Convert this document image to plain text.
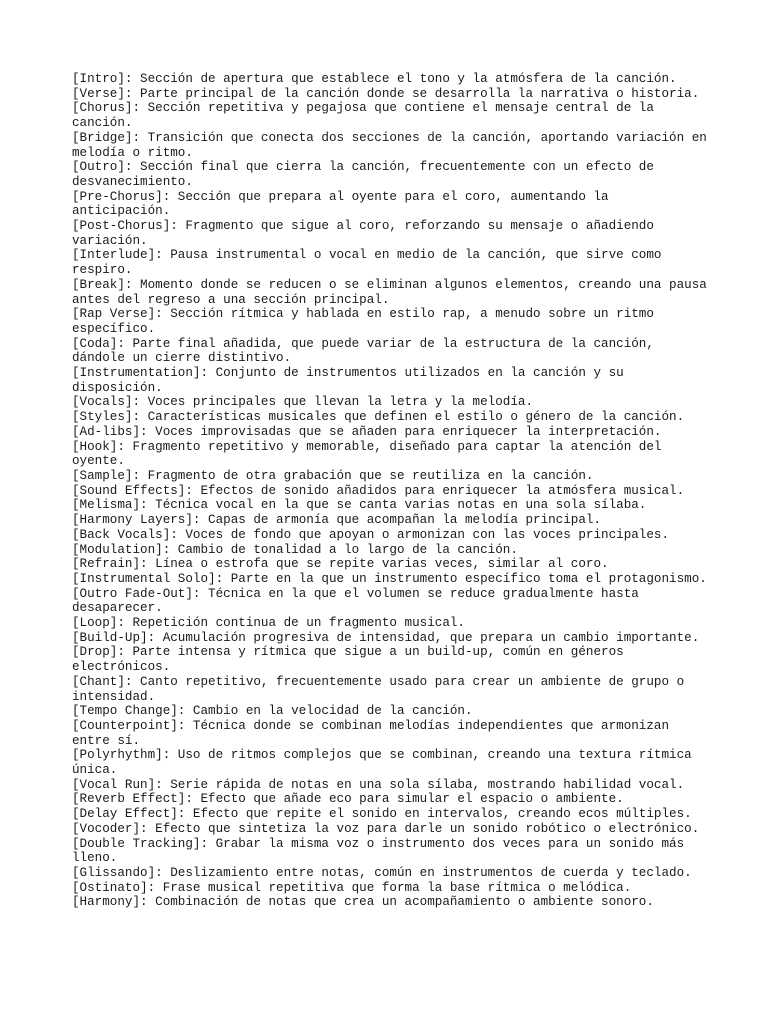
[Intro]: Sección de apertura que establece el tono y la atmósfera de la canción.

[Verse]: Parte principal de la canción donde se desarrolla la narrativa o historia.

[Chorus]: Sección repetitiva y pegajosa que contiene el mensaje central de la canción.

[Bridge]: Transición que conecta dos secciones de la canción, aportando variación en melodía o ritmo.

[Outro]: Sección final que cierra la canción, frecuentemente con un efecto de desvanecimiento.

[Pre-Chorus]: Sección que prepara al oyente para el coro, aumentando la anticipación.

[Post-Chorus]: Fragmento que sigue al coro, reforzando su mensaje o añadiendo variación.

[Interlude]: Pausa instrumental o vocal en medio de la canción, que sirve como respiro.

[Break]: Momento donde se reducen o se eliminan algunos elementos, creando una pausa antes del regreso a una sección principal.

[Rap Verse]: Sección rítmica y hablada en estilo rap, a menudo sobre un ritmo específico.

[Coda]: Parte final añadida, que puede variar de la estructura de la canción, dándole un cierre distintivo.

[Instrumentation]: Conjunto de instrumentos utilizados en la canción y su disposición.

[Vocals]: Voces principales que llevan la letra y la melodía.

[Styles]: Características musicales que definen el estilo o género de la canción.

[Ad-libs]: Voces improvisadas que se añaden para enriquecer la interpretación.

[Hook]: Fragmento repetitivo y memorable, diseñado para captar la atención del oyente.

[Sample]: Fragmento de otra grabación que se reutiliza en la canción.

[Sound Effects]: Efectos de sonido añadidos para enriquecer la atmósfera musical.

[Melisma]: Técnica vocal en la que se canta varias notas en una sola sílaba.

[Harmony Layers]: Capas de armonía que acompañan la melodía principal.

[Back Vocals]: Voces de fondo que apoyan o armonizan con las voces principales.

[Modulation]: Cambio de tonalidad a lo largo de la canción.

[Refrain]: Línea o estrofa que se repite varias veces, similar al coro.

[Instrumental Solo]: Parte en la que un instrumento específico toma el protagonismo.

[Outro Fade-Out]: Técnica en la que el volumen se reduce gradualmente hasta desaparecer.

[Loop]: Repetición continua de un fragmento musical.

[Build-Up]: Acumulación progresiva de intensidad, que prepara un cambio importante.

[Drop]: Parte intensa y rítmica que sigue a un build-up, común en géneros electrónicos.

[Chant]: Canto repetitivo, frecuentemente usado para crear un ambiente de grupo o intensidad.

[Tempo Change]: Cambio en la velocidad de la canción.

[Counterpoint]: Técnica donde se combinan melodías independientes que armonizan entre sí.

[Polyrhythm]: Uso de ritmos complejos que se combinan, creando una textura rítmica única.

[Vocal Run]: Serie rápida de notas en una sola sílaba, mostrando habilidad vocal.

[Reverb Effect]: Efecto que añade eco para simular el espacio o ambiente.

[Delay Effect]: Efecto que repite el sonido en intervalos, creando ecos múltiples.

[Vocoder]: Efecto que sintetiza la voz para darle un sonido robótico o electrónico.

[Double Tracking]: Grabar la misma voz o instrumento dos veces para un sonido más lleno.

[Glissando]: Deslizamiento entre notas, común en instrumentos de cuerda y teclado.

[Ostinato]: Frase musical repetitiva que forma la base rítmica o melódica.

[Harmony]: Combinación de notas que crea un acompañamiento o ambiente sonoro.
